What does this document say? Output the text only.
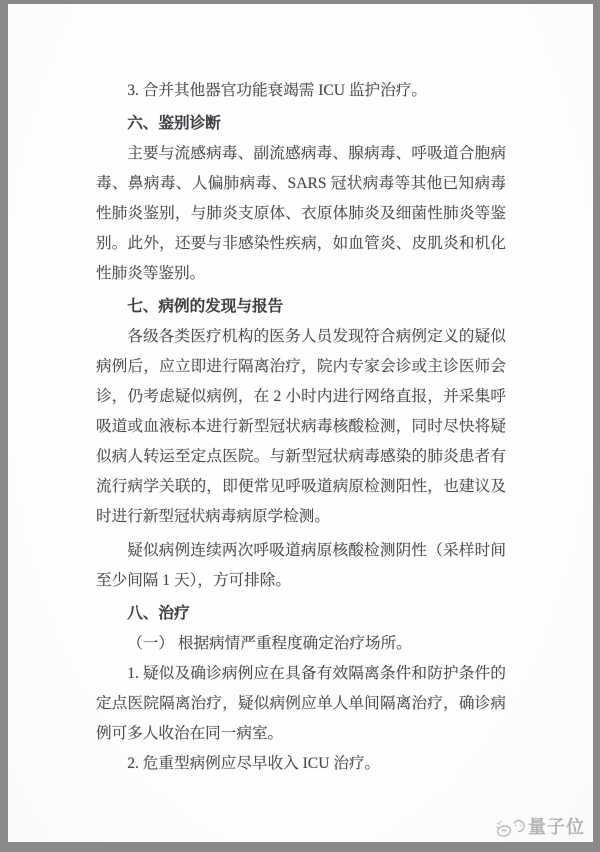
3. 合并其他器官功能衰竭需 ICU 监护治疗。

六、鉴别诊断

主要与流感病毒、副流感病毒、腺病毒、呼吸道合胞病毒、鼻病毒、人偏肺病毒、SARS 冠状病毒等其他已知病毒性肺炎鉴别，与肺炎支原体、衣原体肺炎及细菌性肺炎等鉴别。此外，还要与非感染性疾病，如血管炎、皮肌炎和机化性肺炎等鉴别。

七、病例的发现与报告

各级各类医疗机构的医务人员发现符合病例定义的疑似病例后，应立即进行隔离治疗，院内专家会诊或主诊医师会诊，仍考虑疑似病例，在 2 小时内进行网络直报，并采集呼吸道或血液标本进行新型冠状病毒核酸检测，同时尽快将疑似病人转运至定点医院。与新型冠状病毒感染的肺炎患者有流行病学关联的，即便常见呼吸道病原检测阳性，也建议及时进行新型冠状病毒病原学检测。

疑似病例连续两次呼吸道病原核酸检测阴性（采样时间至少间隔 1 天），方可排除。

八、治疗

（一） 根据病情严重程度确定治疗场所。

1. 疑似及确诊病例应在具备有效隔离条件和防护条件的定点医院隔离治疗，疑似病例应单人单间隔离治疗，确诊病例可多人收治在同一病室。

2. 危重型病例应尽早收入 ICU 治疗。

量子位
